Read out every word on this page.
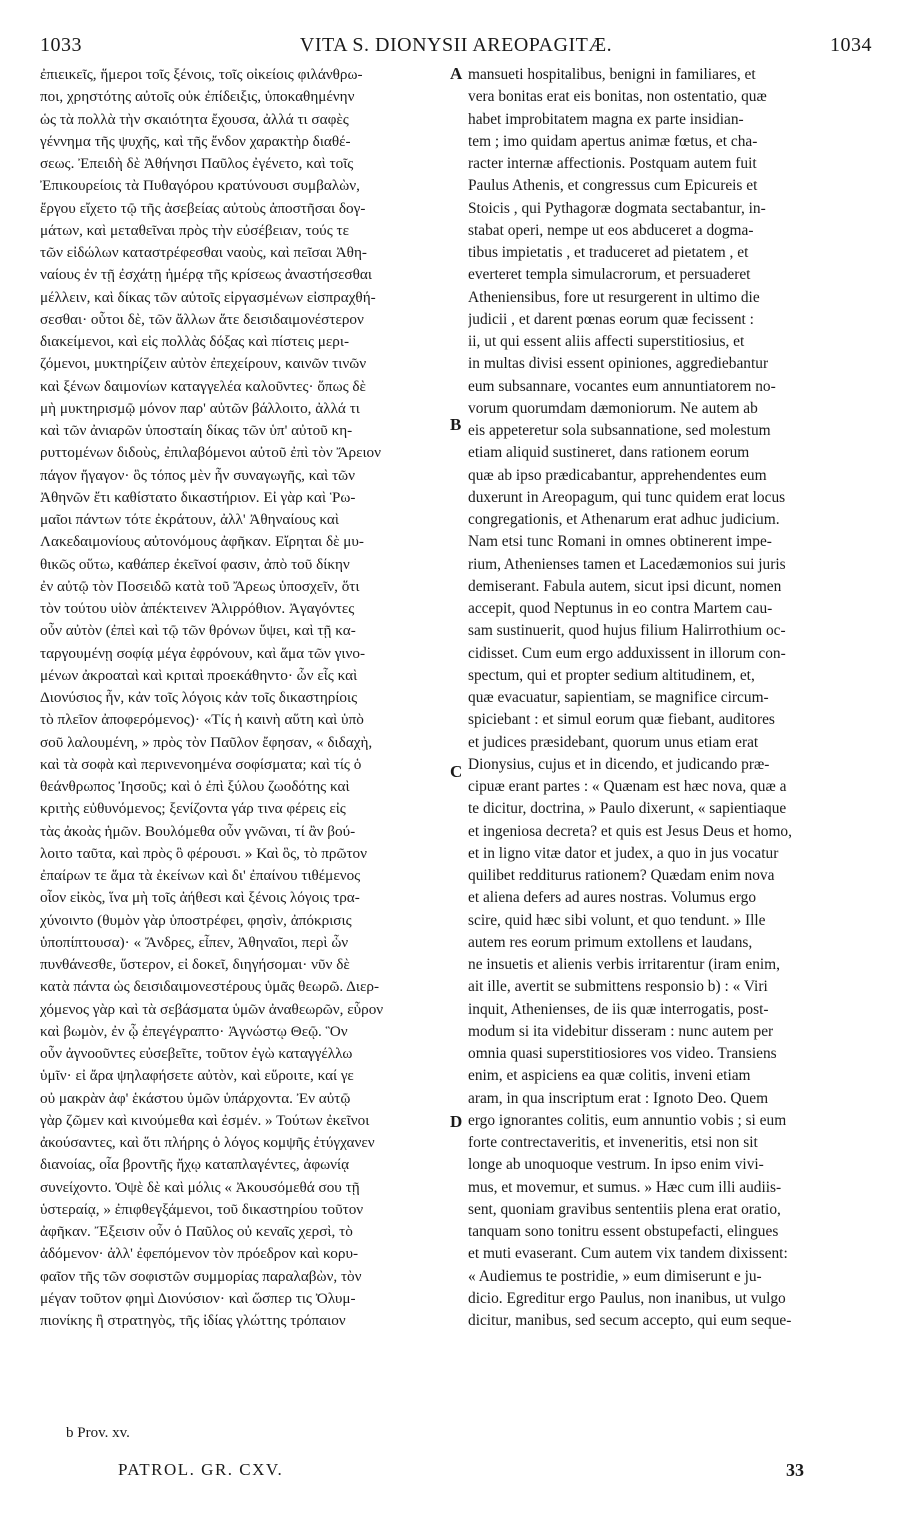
1033	VITA S. DIONYSII AREOPAGITÆ.	1034
ἐπιεικεῖς, ἥμεροι τοῖς ξένοις, τοῖς οἰκείοις φιλάνθρω-
ποι, χρηστότης αὐτοῖς οὐκ ἐπίδειξις, ὑποκαθημένην
ὡς τὰ πολλὰ τὴν σκαιότητα ἔχουσα, ἀλλά τι σαφὲς
γέννημα τῆς ψυχῆς, καὶ τῆς ἔνδον χαρακτὴρ διαθέ-
σεως. Ἐπειδὴ δὲ Ἀθήνησι Παῦλος ἐγένετο, καὶ τοῖς
Ἐπικουρείοις τὰ Πυθαγόρου κρατύνουσι συμβαλὼν,
ἔργου εἴχετο τῷ τῆς ἀσεβείας αὐτοὺς ἀποστῆσαι δογ-
μάτων, καὶ μεταθεῖναι πρὸς τὴν εὐσέβειαν, τούς τε
τῶν εἰδώλων καταστρέφεσθαι ναοὺς, καὶ πεῖσαι Ἀθη-
ναίους ἐν τῇ ἐσχάτῃ ἡμέρᾳ τῆς κρίσεως ἀναστήσεσθαι
μέλλειν, καὶ δίκας τῶν αὐτοῖς εἰργασμένων εἰσπραχθή-
σεσθαι· οὗτοι δὲ, τῶν ἄλλων ἅτε δεισιδαιμονέστερον
διακείμενοι, καὶ εἰς πολλὰς δόξας καὶ πίστεις μερι-
ζόμενοι, μυκτηρίζειν αὐτὸν ἐπεχείρουν, καινῶν τινῶν
καὶ ξένων δαιμονίων καταγγελέα καλοῦντες· ὅπως δὲ
μὴ μυκτηρισμῷ μόνον παρ' αὐτῶν βάλλοιτο, ἀλλά τι
καὶ τῶν ἀνιαρῶν ὑποσταίη δίκας τῶν ὑπ' αὐτοῦ κη-
ρυττομένων διδοὺς, ἐπιλαβόμενοι αὐτοῦ ἐπὶ τὸν Ἄρειον
πάγον ἤγαγον· ὃς τόπος μὲν ἦν συναγωγῆς, καὶ τῶν
Ἀθηνῶν ἔτι καθίστατο δικαστήριον. Εἰ γὰρ καὶ Ῥω-
μαῖοι πάντων τότε ἐκράτουν, ἀλλ' Ἀθηναίους καὶ
Λακεδαιμονίους αὐτονόμους ἀφῆκαν. Εἴρηται δὲ μυ-
θικῶς οὕτω, καθάπερ ἐκεῖνοί φασιν, ἀπὸ τοῦ δίκην
ἐν αὐτῷ τὸν Ποσειδῶ κατὰ τοῦ Ἄρεως ὑποσχεῖν, ὅτι
τὸν τούτου υἱὸν ἀπέκτεινεν Ἁλιρρόθιον. Ἀγαγόντες
οὖν αὐτὸν (ἐπεὶ καὶ τῷ τῶν θρόνων ὕψει, καὶ τῇ κα-
ταργουμένῃ σοφίᾳ μέγα ἐφρόνουν, καὶ ἅμα τῶν γινο-
μένων ἀκροαταὶ καὶ κριταὶ προεκάθηντο· ὧν εἷς καὶ
Διονύσιος ἦν, κἀν τοῖς λόγοις κἀν τοῖς δικαστηρίοις
τὸ πλεῖον ἀποφερόμενος)· «Τίς ἡ καινὴ αὕτη καὶ ὑπὸ
σοῦ λαλουμένη, » πρὸς τὸν Παῦλον ἔφησαν, « διδαχὴ,
καὶ τὰ σοφὰ καὶ περινενοημένα σοφίσματα; καὶ τίς ὁ
θεάνθρωπος Ἰησοῦς; καὶ ὁ ἐπὶ ξύλου ζωοδότης καὶ
κριτὴς εὐθυνόμενος; ξενίζοντα γάρ τινα φέρεις εἰς
τὰς ἀκοὰς ἡμῶν. Βουλόμεθα οὖν γνῶναι, τί ἂν βού-
λοιτο ταῦτα, καὶ πρὸς ὃ φέρουσι. » Καὶ ὃς, τὸ πρῶτον
ἐπαίρων τε ἅμα τὰ ἐκείνων καὶ δι' ἐπαίνου τιθέμενος
οἷον εἰκὸς, ἵνα μὴ τοῖς ἀήθεσι καὶ ξένοις λόγοις τρα-
χύνοιντο (θυμὸν γὰρ ὑποστρέφει, φησὶν, ἀπόκρισις
ὑποπίπτουσα)· « Ἄνδρες, εἶπεν, Ἀθηναῖοι, περὶ ὧν
πυνθάνεσθε, ὕστερον, εἰ δοκεῖ, διηγήσομαι· νῦν δὲ
κατὰ πάντα ὡς δεισιδαιμονεστέρους ὑμᾶς θεωρῶ. Διερ-
χόμενος γὰρ καὶ τὰ σεβάσματα ὑμῶν ἀναθεωρῶν, εὗρον
καὶ βωμὸν, ἐν ᾧ ἐπεγέγραπτο· Ἀγνώστῳ Θεῷ. Ὃν
οὖν ἀγνοοῦντες εὐσεβεῖτε, τοῦτον ἐγὼ καταγγέλλω
ὑμῖν· εἰ ἄρα ψηλαφήσετε αὐτὸν, καὶ εὕροιτε, καί γε
οὐ μακρὰν ἀφ' ἑκάστου ὑμῶν ὑπάρχοντα. Ἐν αὐτῷ
γὰρ ζῶμεν καὶ κινούμεθα καὶ ἐσμέν. » Τούτων ἐκεῖνοι
ἀκούσαντες, καὶ ὅτι πλήρης ὁ λόγος κομψῆς ἐτύγχανεν
διανοίας, οἷα βροντῆς ἤχῳ καταπλαγέντες, ἀφωνίᾳ
συνείχοντο. Ὀψὲ δὲ καὶ μόλις « Ἀκουσόμεθά σου τῇ
ὑστεραίᾳ, » ἐπιφθεγξάμενοι, τοῦ δικαστηρίου τοῦτον
ἀφῆκαν. Ἔξεισιν οὖν ὁ Παῦλος οὐ κεναῖς χερσὶ, τὸ
ἀδόμενον· ἀλλ' ἐφεπόμενον τὸν πρόεδρον καὶ κορυ-
φαῖον τῆς τῶν σοφιστῶν συμμορίας παραλαβὼν, τὸν
μέγαν τοῦτον φημὶ Διονύσιον· καὶ ὥσπερ τις Ὀλυμ-
πιονίκης ἢ στρατηγὸς, τῆς ἰδίας γλώττης τρόπαιον
mansueti hospitalibus, benigni in familiares, et
vera bonitas erat eis bonitas, non ostentatio, quæ
habet improbitatem magna ex parte insidian-
tem ; imo quidam apertus animæ fœtus, et cha-
racter internæ affectionis. Postquam autem fuit
Paulus Athenis, et congressus cum Epicureis et
Stoicis , qui Pythagoræ dogmata sectabantur, in-
stabat operi, nempe ut eos abduceret a dogma-
tibus impietatis , et traduceret ad pietatem , et
everteret templa simulacrorum, et persuaderet
Atheniensibus, fore ut resurgerent in ultimo die
judicii , et darent pœnas eorum quæ fecissent :
ii, ut qui essent aliis affecti superstitiosius, et
in multas divisi essent opiniones, aggrediebantur
eum subsannare, vocantes eum annuntiatorem no-
vorum quorumdam dæmoniorum. Ne autem ab
eis appeteretur sola subsannatione, sed molestum
etiam aliquid sustineret, dans rationem eorum
quæ ab ipso prædicabantur, apprehendentes eum
duxerunt in Areopagum, qui tunc quidem erat locus
congregationis, et Athenarum erat adhuc judicium.
Nam etsi tunc Romani in omnes obtinerent impe-
rium, Athenienses tamen et Lacedæmonios sui juris
demiserant. Fabula autem, sicut ipsi dicunt, nomen
accepit, quod Neptunus in eo contra Martem cau-
sam sustinuerit, quod hujus filium Halirrothium oc-
cidisset. Cum eum ergo adduxissent in illorum con-
spectum, qui et propter sedium altitudinem, et,
quæ evacuatur, sapientiam, se magnifice circum-
spiciebant : et simul eorum quæ fiebant, auditores
et judices præsidebant, quorum unus etiam erat
Dionysius, cujus et in dicendo, et judicando præ-
cipuæ erant partes : « Quænam est hæc nova, quæ a
te dicitur, doctrina, » Paulo dixerunt, « sapientiaque
et ingeniosa decreta? et quis est Jesus Deus et homo,
et in ligno vitæ dator et judex, a quo in jus vocatur
quilibet redditurus rationem? Quædam enim nova
et aliena defers ad aures nostras. Volumus ergo
scire, quid hæc sibi volunt, et quo tendunt. » Ille
autem res eorum primum extollens et laudans,
ne insuetis et alienis verbis irritarentur (iram enim,
ait ille, avertit se submittens responsio b) : « Viri
inquit, Athenienses, de iis quæ interrogatis, post-
modum si ita videbitur disseram : nunc autem per
omnia quasi superstitiosiores vos video. Transiens
enim, et aspiciens ea quæ colitis, inveni etiam
aram, in qua inscriptum erat : Ignoto Deo. Quem
ergo ignorantes colitis, eum annuntio vobis ; si eum
forte contrectaveritis, et inveneritis, etsi non sit
longe ab unoquoque vestrum. In ipso enim vivi-
mus, et movemur, et sumus. » Hæc cum illi audiis-
sent, quoniam gravibus sententiis plena erat oratio,
tanquam sono tonitru essent obstupefacti, elingues
et muti evaserant. Cum autem vix tandem dixissent:
« Audiemus te postridie, » eum dimiserunt e ju-
dicio. Egreditur ergo Paulus, non inanibus, ut vulgo
dicitur, manibus, sed secum accepto, qui eum seque-
A
B
C
D
b Prov. xv.
PATROL. GR. CXV.	33
